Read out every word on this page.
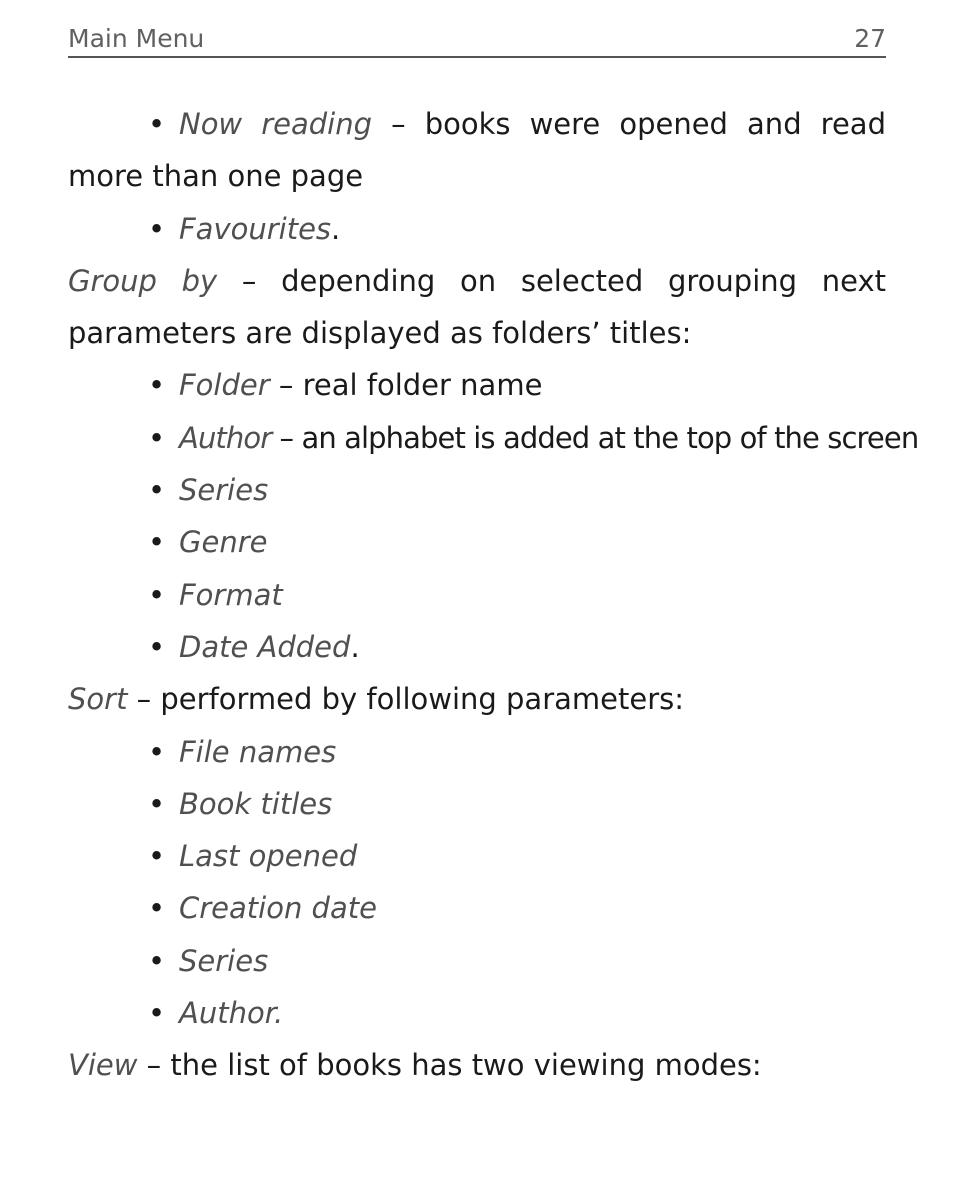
Main Menu	27

• Now reading – books were opened and read more than one page

• Favourites.

Group by – depending on selected grouping next parameters are displayed as folders’ titles:

• Folder – real folder name

• Author – an alphabet is added at the top of the screen

• Series

• Genre

• Format

• Date Added.

Sort – performed by following parameters:

• File names

• Book titles

• Last opened

• Creation date

• Series

• Author.

View – the list of books has two viewing modes:
